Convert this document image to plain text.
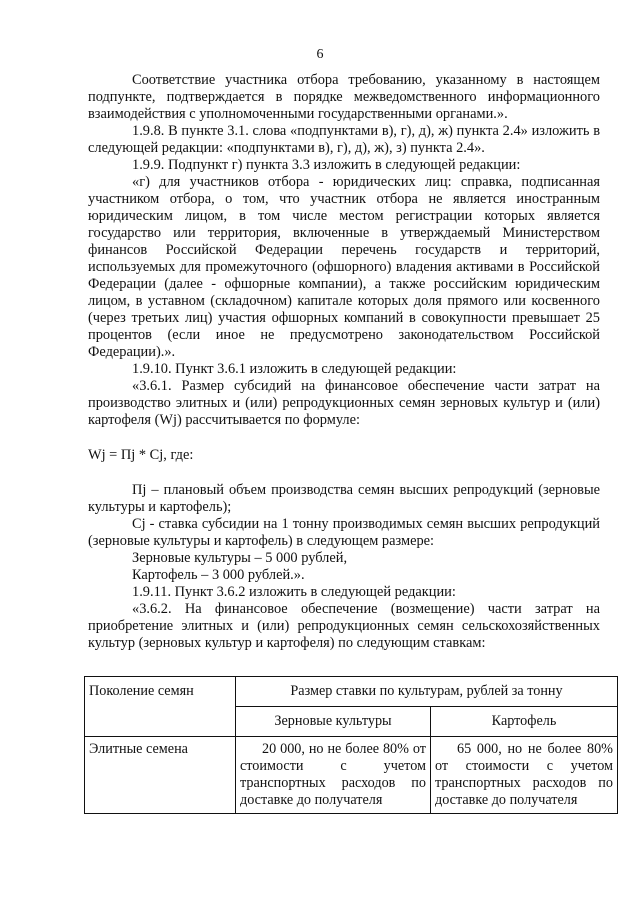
6

Соответствие участника отбора требованию, указанному в настоящем подпункте, подтверждается в порядке межведомственного информационного взаимодействия с уполномоченными государственными органами.».

1.9.8. В пункте 3.1. слова «подпунктами в), г), д), ж) пункта 2.4» изложить в следующей редакции: «подпунктами в), г), д), ж), з) пункта 2.4».

1.9.9. Подпункт г) пункта 3.3 изложить в следующей редакции:

«г) для участников отбора - юридических лиц: справка, подписанная участником отбора, о том, что участник отбора не является иностранным юридическим лицом, в том числе местом регистрации которых является государство или территория, включенные в утверждаемый Министерством финансов Российской Федерации перечень государств и территорий, используемых для промежуточного (офшорного) владения активами в Российской Федерации (далее - офшорные компании), а также российским юридическим лицом, в уставном (складочном) капитале которых доля прямого или косвенного (через третьих лиц) участия офшорных компаний в совокупности превышает 25 процентов (если иное не предусмотрено законодательством Российской Федерации).».

1.9.10. Пункт 3.6.1 изложить в следующей редакции:

«3.6.1. Размер субсидий на финансовое обеспечение части затрат на производство элитных и (или) репродукционных семян зерновых культур и (или) картофеля (Wj) рассчитывается по формуле:

Wj = Пj * Cj, где:

Пj – плановый объем производства семян высших репродукций (зерновые культуры и картофель);

Cj - ставка субсидии на 1 тонну производимых семян высших репродукций (зерновые культуры и картофель) в следующем размере:

Зерновые культуры – 5 000 рублей,

Картофель – 3 000 рублей.».

1.9.11. Пункт 3.6.2 изложить в следующей редакции:

«3.6.2. На финансовое обеспечение (возмещение) части затрат на приобретение элитных и (или) репродукционных семян сельскохозяйственных культур (зерновых культур и картофеля) по следующим ставкам:

Поколение семян	Размер ставки по культурам, рублей за тонну	
	Зерновые культуры	Картофель
Элитные семена	20 000, но не более 80% от стоимости с учетом транспортных расходов по доставке до получателя	65 000, но не более 80% от стоимости с учетом транспортных расходов по доставке до получателя
